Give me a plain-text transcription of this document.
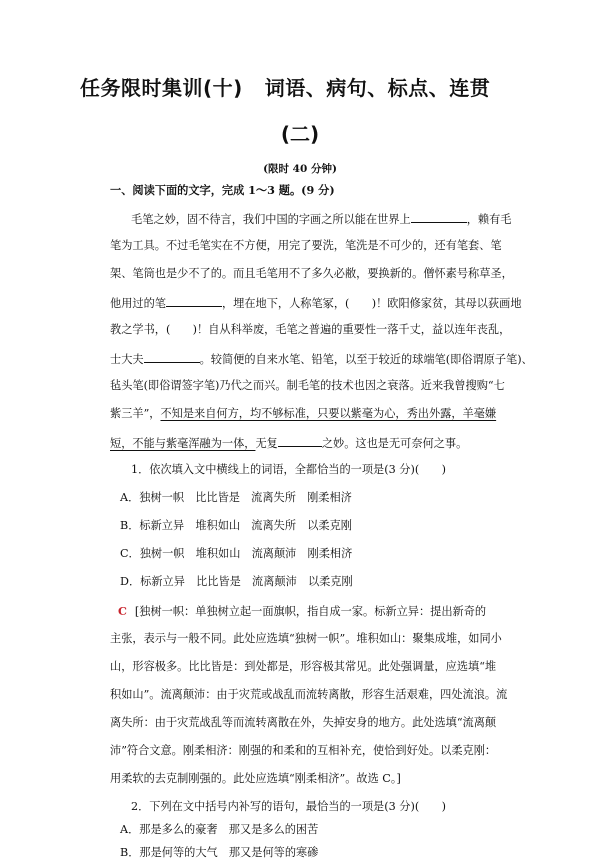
任务限时集训(十) 词语、病句、标点、连贯
(二)
(限时 40 分钟)
一、阅读下面的文字，完成 1～3 题。(9 分)
毛笔之妙，固不待言，我们中国的字画之所以能在世界上	，赖有毛
笔为工具。不过毛笔实在不方便，用完了要洗，笔洗是不可少的，还有笔套、笔
架、笔筒也是少不了的。而且毛笔用不了多久必敝，要换新的。僧怀素号称草圣，
他用过的笔	，埋在地下，人称笔冢，(　　)！欧阳修家贫，其母以荻画地
教之学书，(　　)！自从科举废，毛笔之普遍的重要性一落千丈，益以连年丧乱，
士大夫	。较简便的自来水笔、铅笔，以至于较近的球端笔(即俗谓原子笔)、
毡头笔(即俗谓签字笔)乃代之而兴。制毛笔的技术也因之衰落。近来我曾搜购“七
紫三羊”，不知是来自何方，均不够标准，只要以紫毫为心，秀出外露，羊毫嫌
短，不能与紫毫浑融为一体，无复	之妙。这也是无可奈何之事。
1．依次填入文中横线上的词语，全都恰当的一项是(3 分)(　　)
A．独树一帜　比比皆是　流离失所　刚柔相济
B．标新立异　堆积如山　流离失所　以柔克刚
C．独树一帜　堆积如山　流离颠沛　刚柔相济
D．标新立异　比比皆是　流离颠沛　以柔克刚
C [独树一帜：单独树立起一面旗帜，指自成一家。标新立异：提出新奇的
主张，表示与一般不同。此处应选填“独树一帜”。堆积如山：聚集成堆，如同小
山，形容极多。比比皆是：到处都是，形容极其常见。此处强调量，应选填“堆
积如山”。流离颠沛：由于灾荒或战乱而流转离散，形容生活艰难，四处流浪。流
离失所：由于灾荒战乱等而流转离散在外，失掉安身的地方。此处选填“流离颠
沛”符合文意。刚柔相济：刚强的和柔和的互相补充，使恰到好处。以柔克刚：
用柔软的去克制刚强的。此处应选填“刚柔相济”。故选 C。]
2．下列在文中括号内补写的语句，最恰当的一项是(3 分)(　　)
A．那是多么的豪奢　那又是多么的困苦
B．那是何等的大气　那又是何等的寒碜
